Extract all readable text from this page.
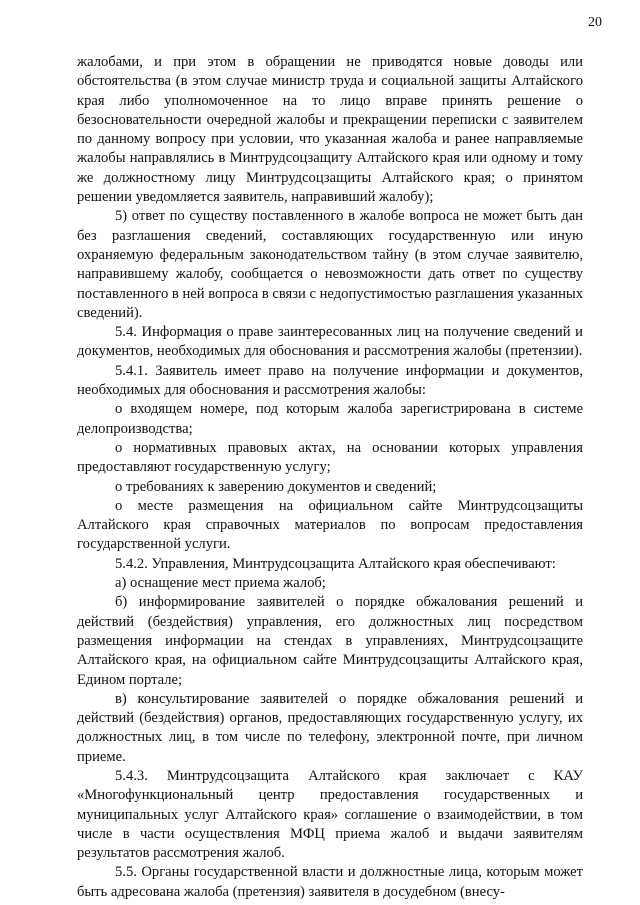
20

жалобами, и при этом в обращении не приводятся новые доводы или обстоятельства (в этом случае министр труда и социальной защиты Алтайского края либо уполномоченное на то лицо вправе принять решение о безосновательности очередной жалобы и прекращении переписки с заявителем по данному вопросу при условии, что указанная жалоба и ранее направляемые жалобы направлялись в Минтрудсоцзащиту Алтайского края или одному и тому же должностному лицу Минтрудсоцзащиты Алтайского края; о принятом решении уведомляется заявитель, направивший жалобу);

5) ответ по существу поставленного в жалобе вопроса не может быть дан без разглашения сведений, составляющих государственную или иную охраняемую федеральным законодательством тайну (в этом случае заявителю, направившему жалобу, сообщается о невозможности дать ответ по существу поставленного в ней вопроса в связи с недопустимостью разглашения указанных сведений).

5.4. Информация о праве заинтересованных лиц на получение сведений и документов, необходимых для обоснования и рассмотрения жалобы (претензии).

5.4.1. Заявитель имеет право на получение информации и документов, необходимых для обоснования и рассмотрения жалобы:

о входящем номере, под которым жалоба зарегистрирована в системе делопроизводства;

о нормативных правовых актах, на основании которых управления предоставляют государственную услугу;

о требованиях к заверению документов и сведений;

о месте размещения на официальном сайте Минтрудсоцзащиты Алтайского края справочных материалов по вопросам предоставления государственной услуги.

5.4.2. Управления, Минтрудсоцзащита Алтайского края обеспечивают:

а) оснащение мест приема жалоб;

б) информирование заявителей о порядке обжалования решений и действий (бездействия) управления, его должностных лиц посредством размещения информации на стендах в управлениях, Минтрудсоцзащите Алтайского края, на официальном сайте Минтрудсоцзащиты Алтайского края, Едином портале;

в) консультирование заявителей о порядке обжалования решений и действий (бездействия) органов, предоставляющих государственную услугу, их должностных лиц, в том числе по телефону, электронной почте, при личном приеме.

5.4.3. Минтрудсоцзащита Алтайского края заключает с КАУ «Многофункциональный центр предоставления государственных и муниципальных услуг Алтайского края» соглашение о взаимодействии, в том числе в части осуществления МФЦ приема жалоб и выдачи заявителям результатов рассмотрения жалоб.

5.5. Органы государственной власти и должностные лица, которым может быть адресована жалоба (претензия) заявителя в досудебном (внесу-
